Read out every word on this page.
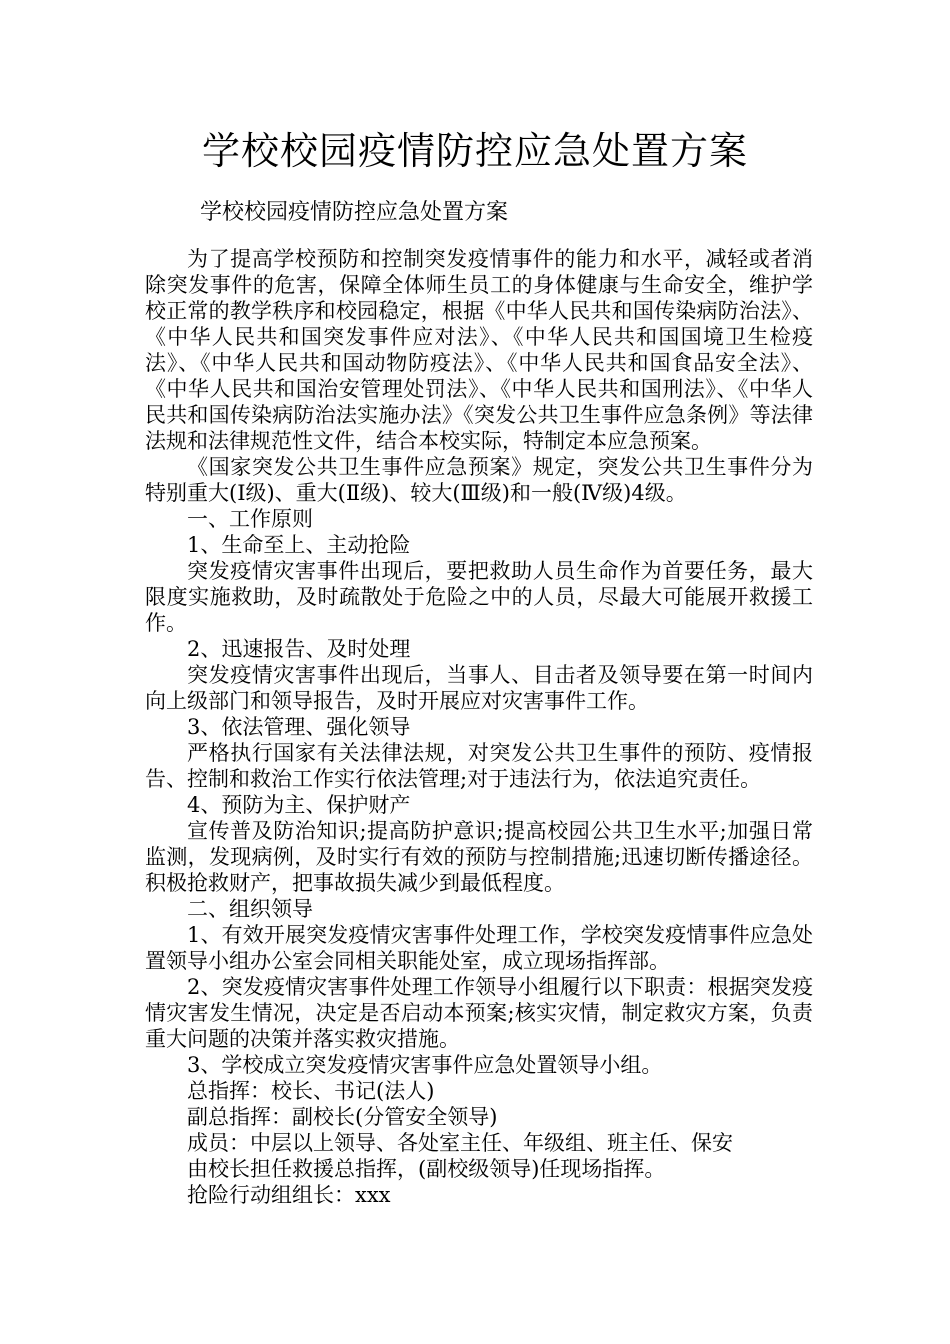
学校校园疫情防控应急处置方案
学校校园疫情防控应急处置方案

为了提高学校预防和控制突发疫情事件的能力和水平，减轻或者消除突发事件的危害，保障全体师生员工的身体健康与生命安全，维护学校正常的教学秩序和校园稳定，根据《中华人民共和国传染病防治法》、《中华人民共和国突发事件应对法》、《中华人民共和国国境卫生检疫法》、《中华人民共和国动物防疫法》、《中华人民共和国食品安全法》、《中华人民共和国治安管理处罚法》、《中华人民共和国刑法》、《中华人民共和国传染病防治法实施办法》《突发公共卫生事件应急条例》等法律法规和法律规范性文件，结合本校实际，特制定本应急预案。

《国家突发公共卫生事件应急预案》规定，突发公共卫生事件分为特别重大(Ⅰ级)、重大(Ⅱ级)、较大(Ⅲ级)和一般(Ⅳ级)4级。

一、工作原则

1、生命至上、主动抢险

突发疫情灾害事件出现后，要把救助人员生命作为首要任务，最大限度实施救助，及时疏散处于危险之中的人员，尽最大可能展开救援工作。

2、迅速报告、及时处理

突发疫情灾害事件出现后，当事人、目击者及领导要在第一时间内向上级部门和领导报告，及时开展应对灾害事件工作。

3、依法管理、强化领导

严格执行国家有关法律法规，对突发公共卫生事件的预防、疫情报告、控制和救治工作实行依法管理;对于违法行为，依法追究责任。

4、预防为主、保护财产

宣传普及防治知识;提高防护意识;提高校园公共卫生水平;加强日常监测，发现病例，及时实行有效的预防与控制措施;迅速切断传播途径。积极抢救财产，把事故损失减少到最低程度。

二、组织领导

1、有效开展突发疫情灾害事件处理工作，学校突发疫情事件应急处置领导小组办公室会同相关职能处室，成立现场指挥部。

2、突发疫情灾害事件处理工作领导小组履行以下职责：根据突发疫情灾害发生情况，决定是否启动本预案;核实灾情，制定救灾方案，负责重大问题的决策并落实救灾措施。

3、学校成立突发疫情灾害事件应急处置领导小组。

总指挥：校长、书记(法人)

副总指挥：副校长(分管安全领导)

成员：中层以上领导、各处室主任、年级组、班主任、保安

由校长担任救援总指挥，(副校级领导)任现场指挥。

抢险行动组组长：xxx
